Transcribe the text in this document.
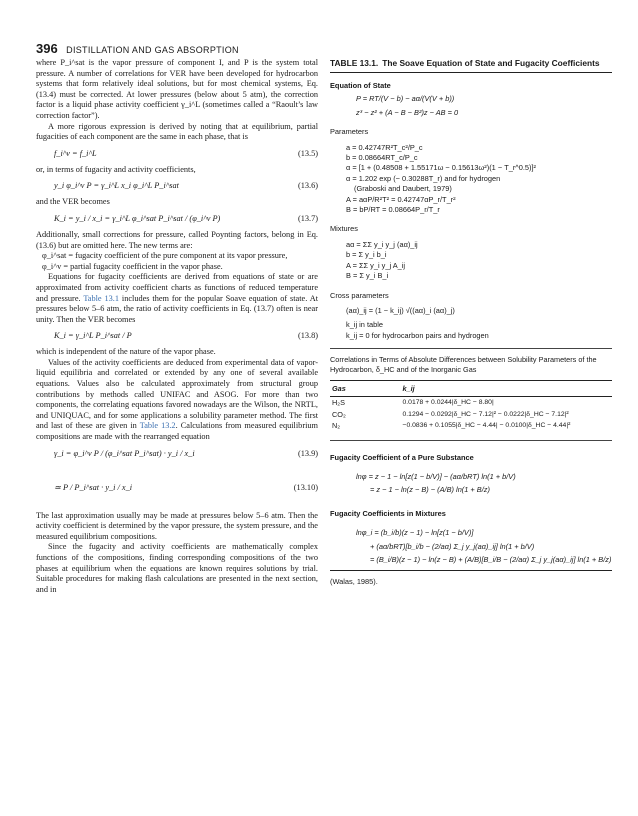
396 DISTILLATION AND GAS ABSORPTION

where P_i^sat is the vapor pressure of component I, and P is the system total pressure. A number of correlations for VER have been developed for hydrocarbon systems that form relatively ideal solutions, but for most chemical systems, Eq. (13.4) must be corrected. At lower pressures (below about 5 atm), the correction factor is a liquid phase activity coefficient γ_i^L (sometimes called a “Raoult’s law correction factor”).

A more rigorous expression is derived by noting that at equilibrium, partial fugacities of each component are the same in each phase, that is

f_i^v = f_i^L	(13.5)

or, in terms of fugacity and activity coefficients,

y_i φ_i^v P = γ_i^L x_i φ_i^L P_i^sat	(13.6)

and the VER becomes

K_i = y_i / x_i = γ_i^L φ_i^sat P_i^sat / (φ_i^v P)	(13.7)

Additionally, small corrections for pressure, called Poynting factors, belong in Eq. (13.6) but are omitted here. The new terms are:

φ_i^sat = fugacity coefficient of the pure component at its vapor pressure,

φ_i^v = partial fugacity coefficient in the vapor phase.

Equations for fugacity coefficients are derived from equations of state or are approximated from activity coefficient charts as functions of reduced temperature and pressure. Table 13.1 includes them for the popular Soave equation of state. At pressures below 5–6 atm, the ratio of activity coefficients in Eq. (13.7) often is near unity. Then the VER becomes

K_i = γ_i^L P_i^sat / P	(13.8)

which is independent of the nature of the vapor phase.

Values of the activity coefficients are deduced from experimental data of vapor-liquid equilibria and correlated or extended by any one of several available equations. Values also be calculated approximately from structural group contributions by methods called UNIFAC and ASOG. For more than two components, the correlating equations favored nowadays are the Wilson, the NRTL, and UNIQUAC, and for some applications a solubility parameter method. The first and last of these are given in Table 13.2. Calculations from measured equilibrium compositions are made with the rearranged equation

γ_i = φ_i^v P / (φ_i^sat P_i^sat) · y_i / x_i	(13.9)
≃ P / P_i^sat · y_i / x_i	(13.10)

The last approximation usually may be made at pressures below 5–6 atm. Then the activity coefficient is determined by the vapor pressure, the system pressure, and the measured equilibrium compositions.

Since the fugacity and activity coefficients are mathematically complex functions of the compositions, finding corresponding compositions of the two phases at equilibrium when the equations are known requires solutions by trial. Suitable procedures for making flash calculations are presented in the next section, and in

TABLE 13.1. The Soave Equation of State and Fugacity Coefficients
Equation of State
P = RT/(V − b) − aα/(V(V + b))
z³ − z² + (A − B − B²)z − AB = 0
Parameters
a = 0.42747R²T_c²/P_c
b = 0.08664RT_c/P_c
α = [1 + (0.48508 + 1.55171ω − 0.15613ω²)(1 − T_r^0.5)]²
α = 1.202 exp (− 0.30288T_r) and for hydrogen
(Graboski and Daubert, 1979)
A = aαP/R²T² = 0.42747αP_r/T_r²
B = bP/RT = 0.08664P_r/T_r
Mixtures
aα = ΣΣ y_i y_j (aα)_ij
b = Σ y_i b_i
A = ΣΣ y_i y_j A_ij
B = Σ y_i B_i
Cross parameters
(aα)_ij = (1 − k_ij) √((aα)_i (aα)_j)
k_ij in table
k_ij = 0 for hydrocarbon pairs and hydrogen
Correlations in Terms of Absolute Differences between Solubility Parameters of the Hydrocarbon, δ_HC and of the Inorganic Gas
Gas	k_ij
H₂S	0.0178 + 0.0244|δ_HC − 8.80|
CO₂	0.1294 − 0.0292|δ_HC − 7.12|² − 0.0222|δ_HC − 7.12|²
N₂	−0.0836 + 0.1055|δ_HC − 4.44| − 0.0100|δ_HC − 4.44|²
Fugacity Coefficient of a Pure Substance
lnφ = z − 1 − ln[z(1 − b/V)] − (aα/bRT) ln(1 + b/V)
= z − 1 − ln(z − B) − (A/B) ln(1 + B/z)
Fugacity Coefficients in Mixtures
lnφ_i = (b_i/b)(z − 1) − ln[z(1 − b/V)]
+ (aα/bRT)[b_i/b − (2/aα) Σ_j y_j(aα)_ij] ln(1 + b/V)
= (B_i/B)(z − 1) − ln(z − B) + (A/B)[B_i/B − (2/aα) Σ_j y_j(aα)_ij] ln(1 + B/z)
(Walas, 1985).
